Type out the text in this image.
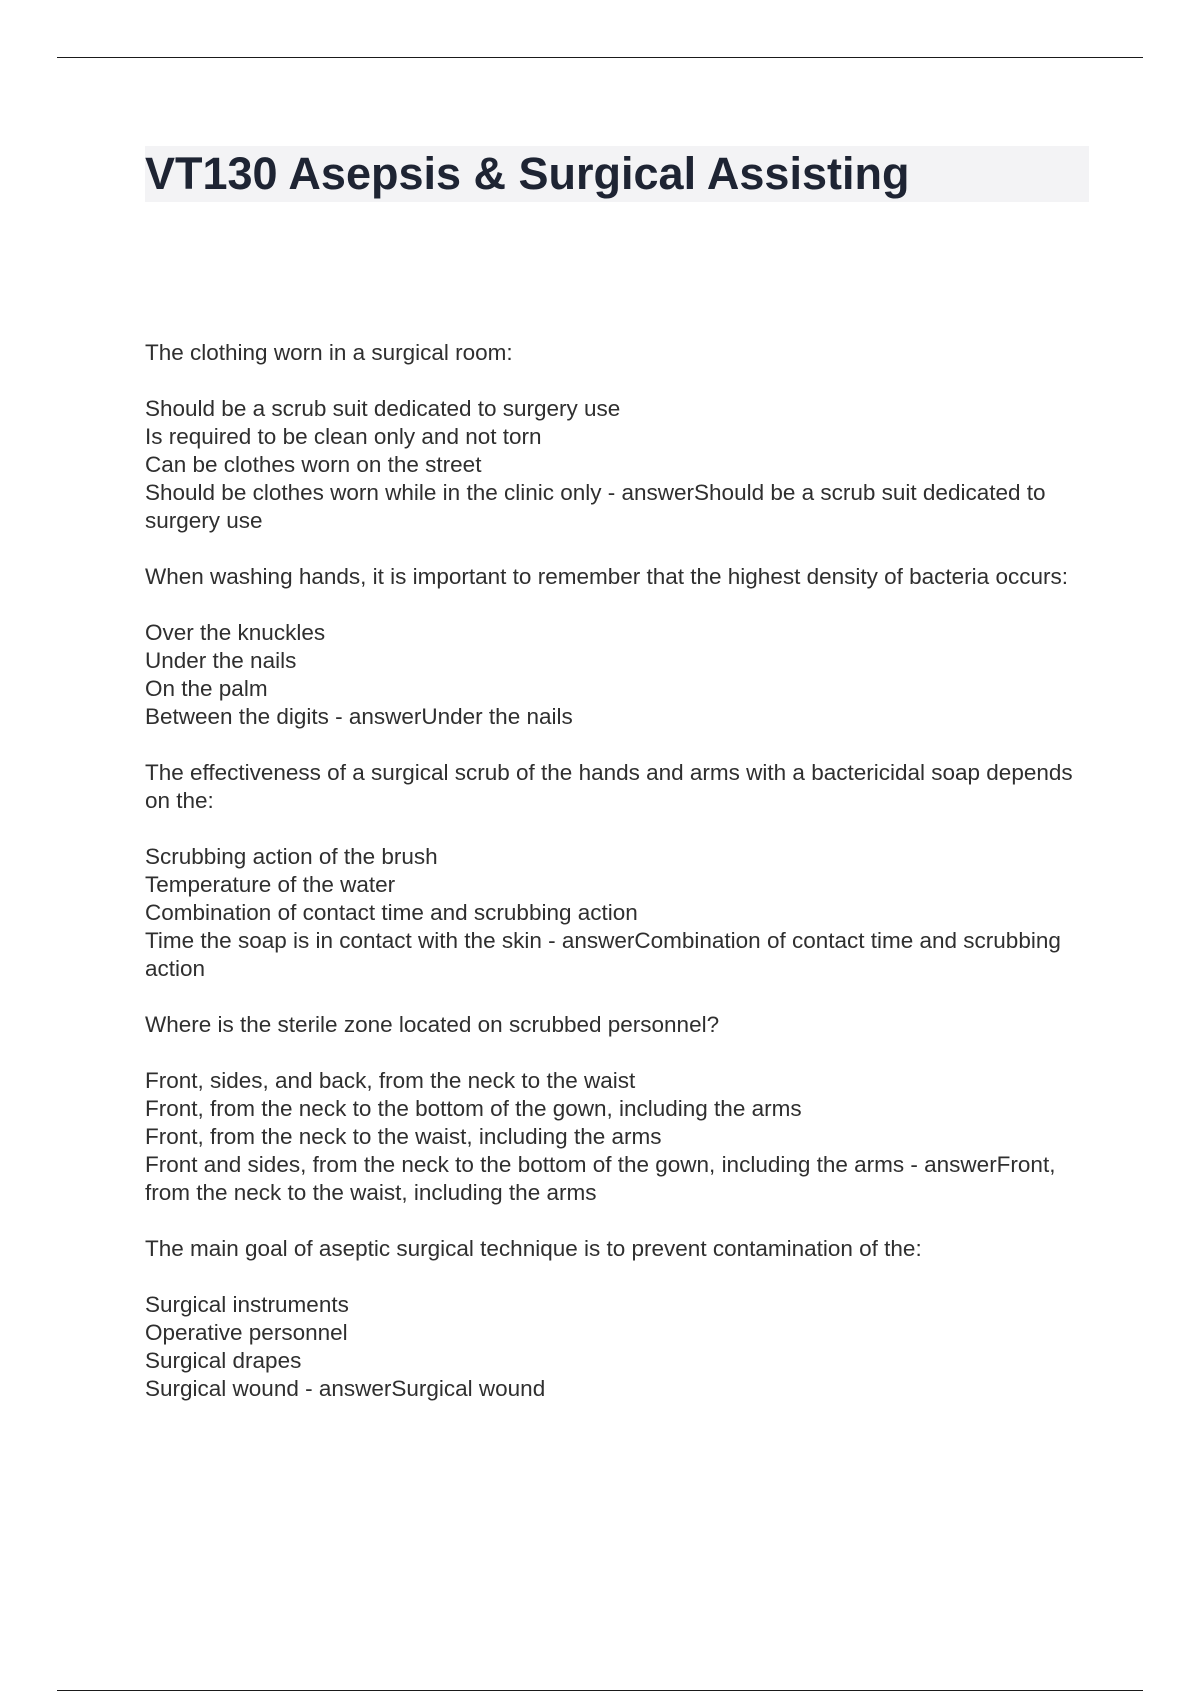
VT130 Asepsis & Surgical Assisting

The clothing worn in a surgical room:

Should be a scrub suit dedicated to surgery use
Is required to be clean only and not torn
Can be clothes worn on the street
Should be clothes worn while in the clinic only - answerShould be a scrub suit dedicated to surgery use

When washing hands, it is important to remember that the highest density of bacteria occurs:

Over the knuckles
Under the nails
On the palm
Between the digits - answerUnder the nails

The effectiveness of a surgical scrub of the hands and arms with a bactericidal soap depends on the:

Scrubbing action of the brush
Temperature of the water
Combination of contact time and scrubbing action
Time the soap is in contact with the skin - answerCombination of contact time and scrubbing action

Where is the sterile zone located on scrubbed personnel?

Front, sides, and back, from the neck to the waist
Front, from the neck to the bottom of the gown, including the arms
Front, from the neck to the waist, including the arms
Front and sides, from the neck to the bottom of the gown, including the arms - answerFront, from the neck to the waist, including the arms

The main goal of aseptic surgical technique is to prevent contamination of the:

Surgical instruments
Operative personnel
Surgical drapes
Surgical wound - answerSurgical wound
